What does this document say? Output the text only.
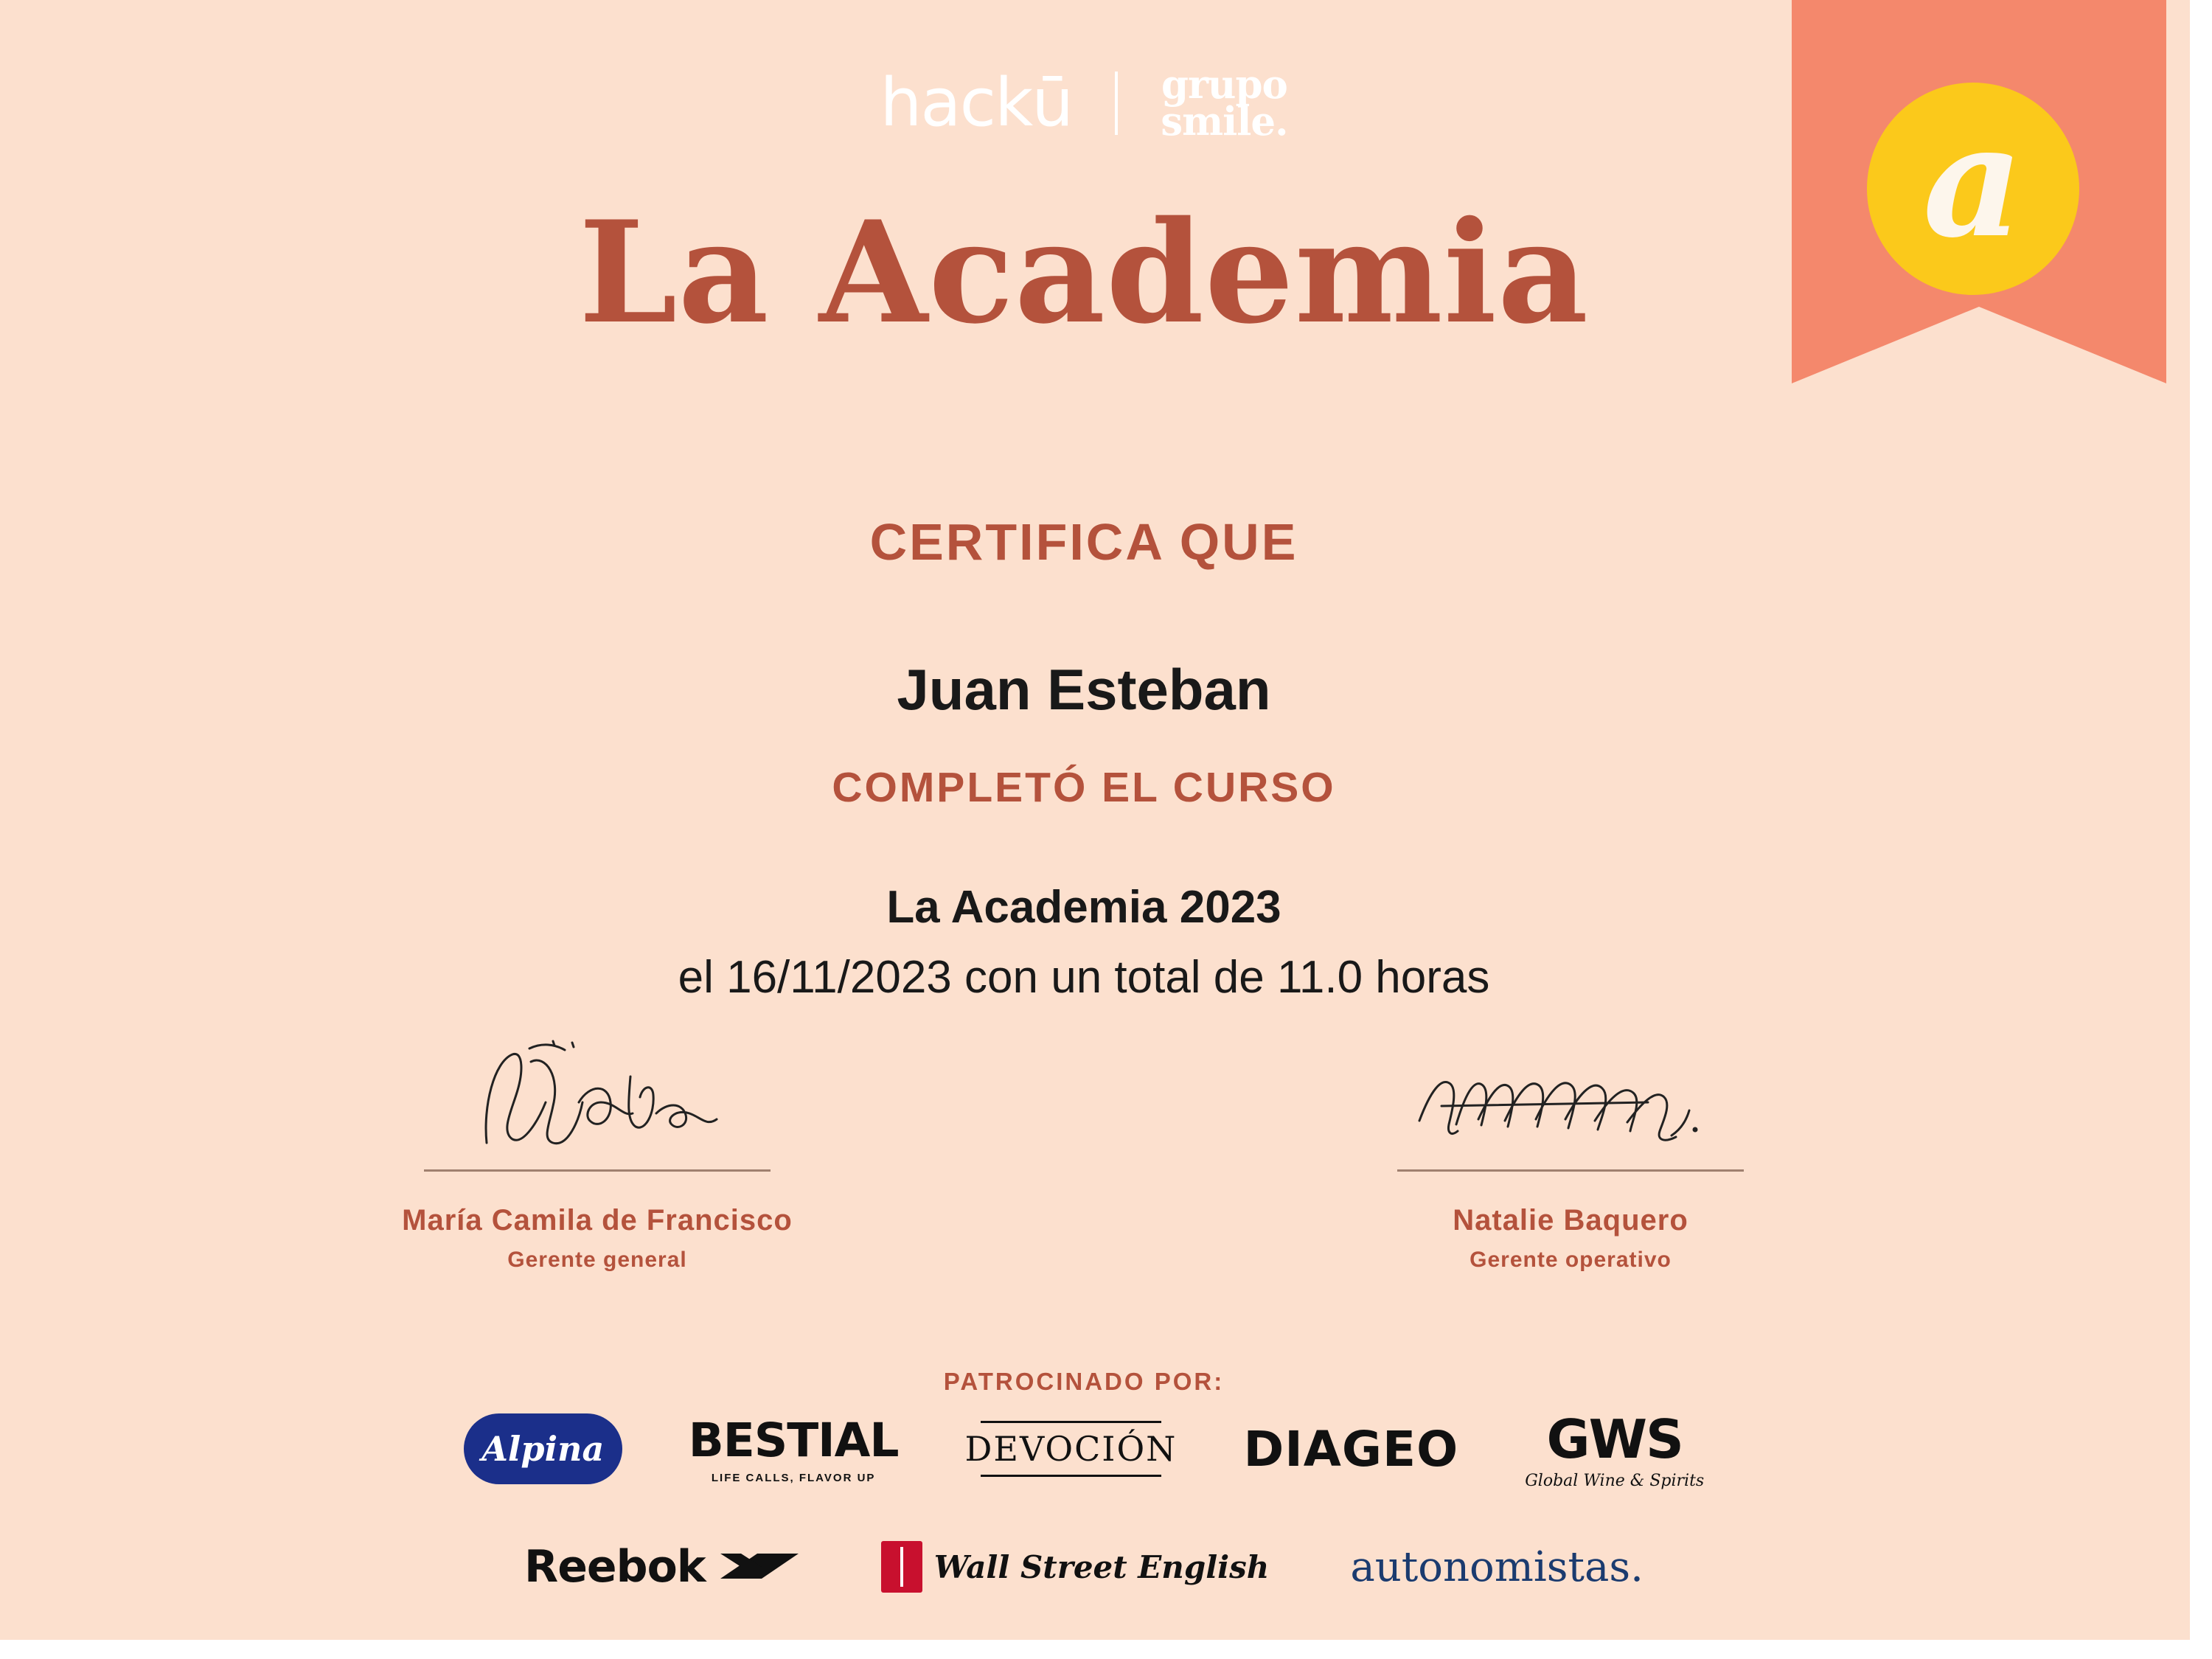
a
hackū grupo
smile.
La Academia
CERTIFICA QUE
Juan Esteban
COMPLETÓ EL CURSO
La Academia 2023
el 16/11/2023 con un total de 11.0 horas
María Camila de Francisco
Gerente general
Natalie Baquero
Gerente operativo
PATROCINADO POR:
Alpina	BESTIAL
LIFE CALLS, FLAVOR UP
DEVOCIÓN DIAGEO	GWS
Global Wine & Spirits
Reebok	Wall Street English autonomistas.
